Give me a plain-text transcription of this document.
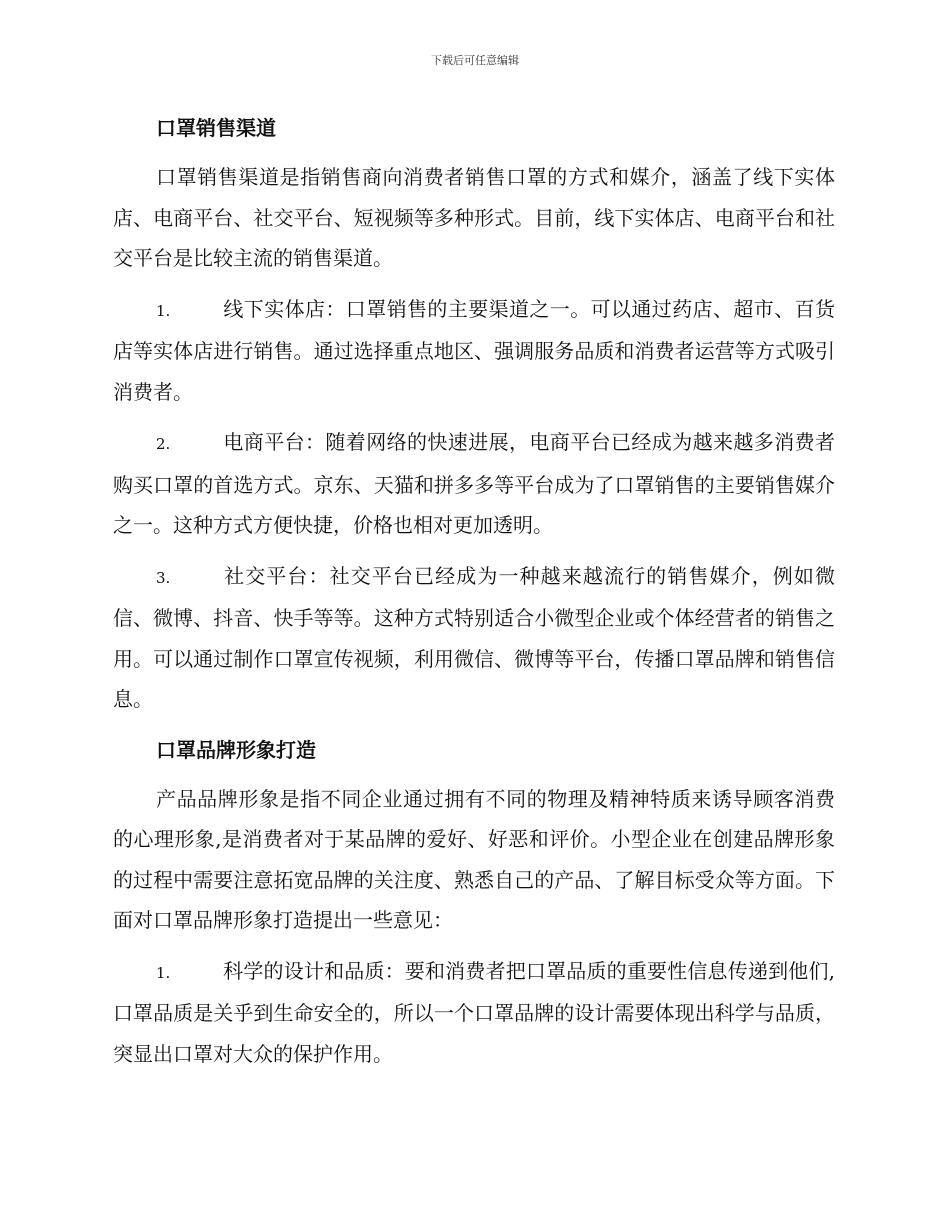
下载后可任意编辑
口罩销售渠道

口罩销售渠道是指销售商向消费者销售口罩的方式和媒介，涵盖了线下实体店、电商平台、社交平台、短视频等多种形式。目前，线下实体店、电商平台和社交平台是比较主流的销售渠道。

1.	线下实体店：口罩销售的主要渠道之一。可以通过药店、超市、百货店等实体店进行销售。通过选择重点地区、强调服务品质和消费者运营等方式吸引消费者。

2.	电商平台：随着网络的快速进展，电商平台已经成为越来越多消费者购买口罩的首选方式。京东、天猫和拼多多等平台成为了口罩销售的主要销售媒介之一。这种方式方便快捷，价格也相对更加透明。

3.	社交平台：社交平台已经成为一种越来越流行的销售媒介，例如微信、微博、抖音、快手等等。这种方式特别适合小微型企业或个体经营者的销售之用。可以通过制作口罩宣传视频，利用微信、微博等平台，传播口罩品牌和销售信息。

口罩品牌形象打造

产品品牌形象是指不同企业通过拥有不同的物理及精神特质来诱导顾客消费的心理形象,是消费者对于某品牌的爱好、好恶和评价。小型企业在创建品牌形象的过程中需要注意拓宽品牌的关注度、熟悉自己的产品、了解目标受众等方面。下面对口罩品牌形象打造提出一些意见：

1.	科学的设计和品质：要和消费者把口罩品质的重要性信息传递到他们,口罩品质是关乎到生命安全的，所以一个口罩品牌的设计需要体现出科学与品质，突显出口罩对大众的保护作用。
